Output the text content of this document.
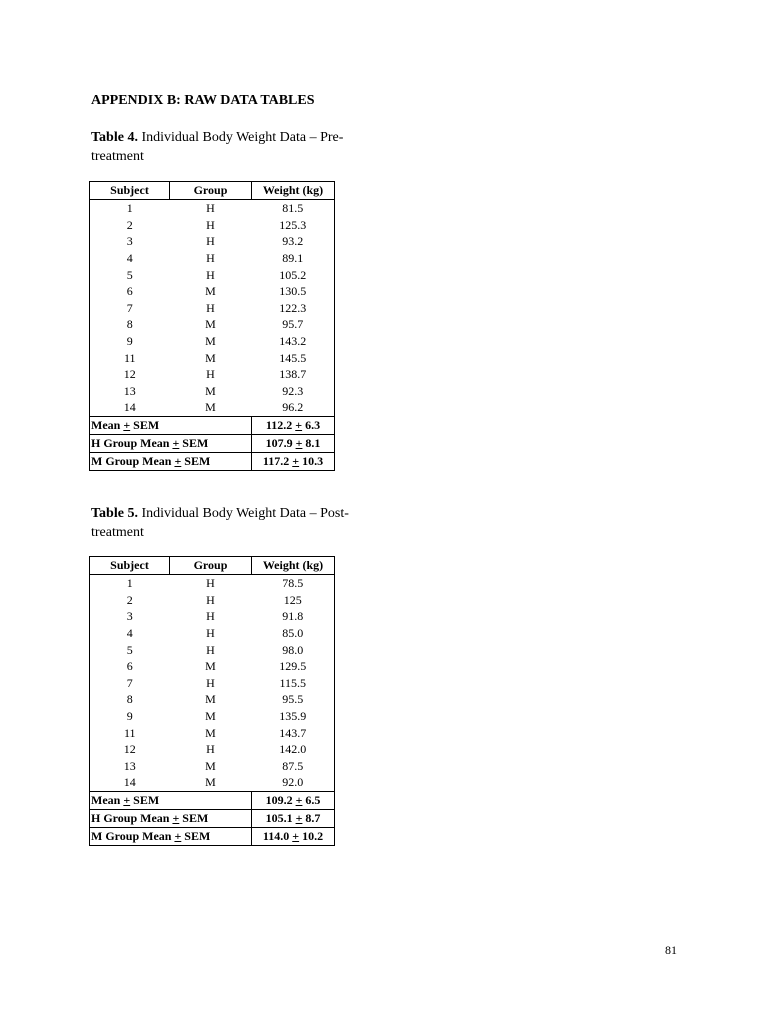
APPENDIX B: RAW DATA TABLES

Table 4. Individual Body Weight Data – Pre-treatment

Subject	Group	Weight (kg)
1	H	81.5
2	H	125.3
3	H	93.2
4	H	89.1
5	H	105.2
6	M	130.5
7	H	122.3
8	M	95.7
9	M	143.2
11	M	145.5
12	H	138.7
13	M	92.3
14	M	96.2
Mean + SEM		112.2 + 6.3
H Group Mean + SEM		107.9 + 8.1
M Group Mean + SEM		117.2 + 10.3

Table 5. Individual Body Weight Data – Post-treatment

Subject	Group	Weight (kg)
1	H	78.5
2	H	125
3	H	91.8
4	H	85.0
5	H	98.0
6	M	129.5
7	H	115.5
8	M	95.5
9	M	135.9
11	M	143.7
12	H	142.0
13	M	87.5
14	M	92.0
Mean + SEM		109.2 + 6.5
H Group Mean + SEM		105.1 + 8.7
M Group Mean + SEM		114.0 + 10.2
81
